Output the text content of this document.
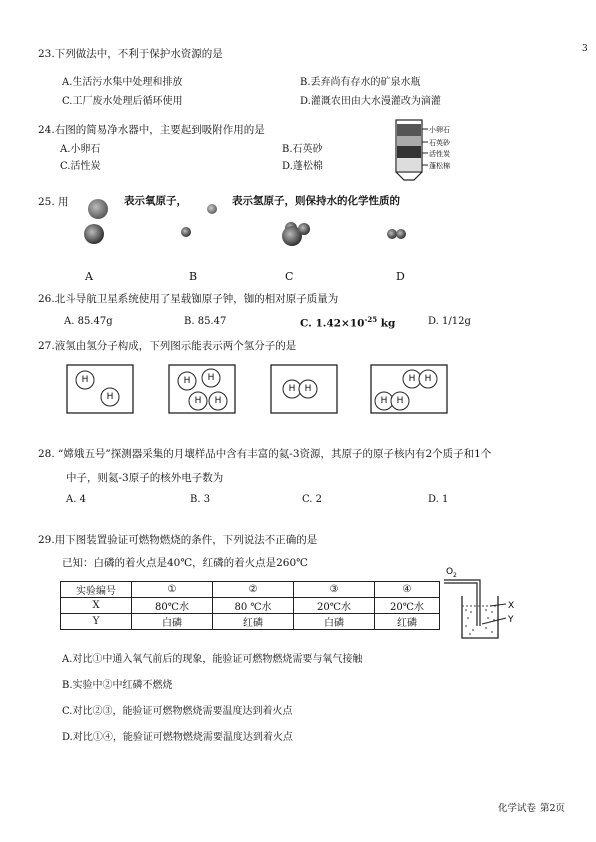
3
23.下列做法中，不利于保护水资源的是
A.生活污水集中处理和排放	B.丢弃尚有存水的矿泉水瓶
C.工厂废水处理后循环使用	D.灌溉农田由大水漫灌改为滴灌
24.右图的简易净水器中，主要起到吸附作用的是
A.小卵石	B.石英砂
C.活性炭	D.蓬松棉
小卵石
石英砂
活性炭
蓬松棉
25. 用	表示氧原子，	表示氢原子，则保持水的化学性质的
A	B	C	D
26.北斗导航卫星系统使用了星载铷原子钟，铷的相对原子质量为
A. 85.47g	B. 85.47	C. $1.42\times 10^{-25}$ kg	D. 1/12g
27.液氢由氢分子构成，下列图示能表示两个氢分子的是
H
H
H H
H H
H H
H H
H H
28. “嫦娥五号”探测器采集的月壤样品中含有丰富的氦-3资源，其原子的原子核内有2个质子和1个
中子，则氦-3原子的核外电子数为
A. 4	B. 3	C. 2	D. 1
29.用下图装置验证可燃物燃烧的条件，下列说法不正确的是
已知：白磷的着火点是40℃，红磷的着火点是260℃
实验编号	①	②	③	④
X	80℃水	80 ℃水	20℃水	20℃水
Y	白磷	红磷	白磷	红磷
O 2
X
Y
A.对比①中通入氧气前后的现象，能验证可燃物燃烧需要与氧气接触
B.实验中②中红磷不燃烧
C.对比②③，能验证可燃物燃烧需要温度达到着火点
D.对比①④，能验证可燃物燃烧需要温度达到着火点
化学试卷 第2页
